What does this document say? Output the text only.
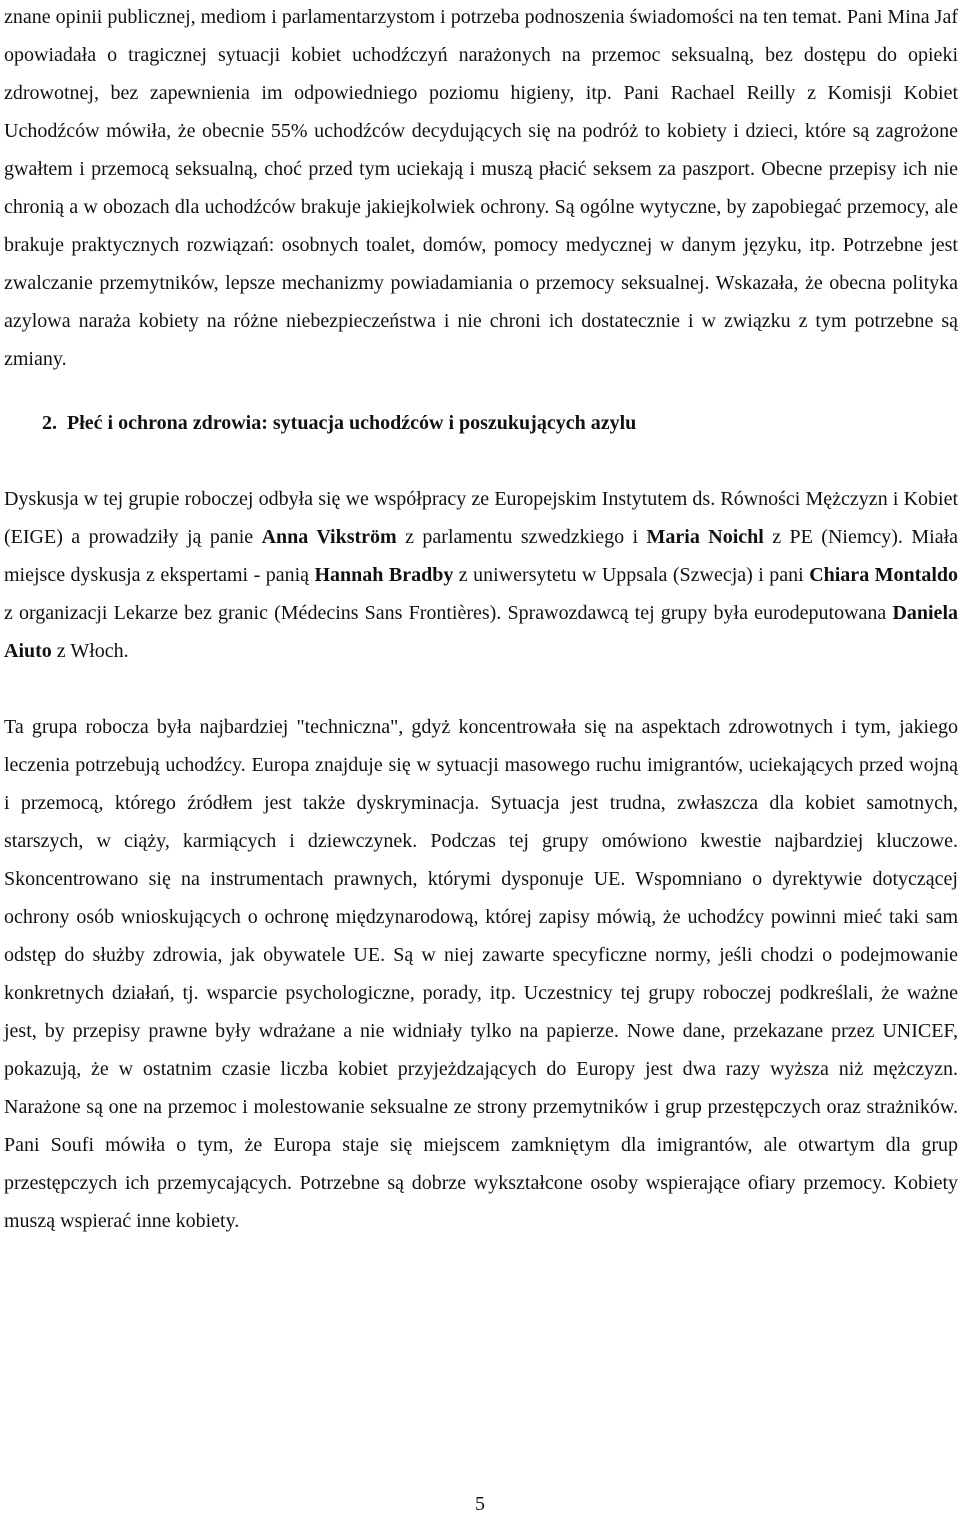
znane opinii publicznej, mediom i parlamentarzystom i potrzeba podnoszenia świadomości na ten temat. Pani Mina Jaf opowiadała o tragicznej sytuacji kobiet uchodźczyń narażonych na przemoc seksualną, bez dostępu do opieki zdrowotnej, bez zapewnienia im odpowiedniego poziomu higieny, itp. Pani Rachael Reilly z Komisji Kobiet Uchodźców mówiła, że obecnie 55% uchodźców decydujących się na podróż to kobiety i dzieci, które są zagrożone gwałtem i przemocą seksualną, choć przed tym uciekają i muszą płacić seksem za paszport. Obecne przepisy ich nie chronią a w obozach dla uchodźców brakuje jakiejkolwiek ochrony. Są ogólne wytyczne, by zapobiegać przemocy, ale brakuje praktycznych rozwiązań: osobnych toalet, domów, pomocy medycznej w danym języku, itp. Potrzebne jest zwalczanie przemytników, lepsze mechanizmy powiadamiania o przemocy seksualnej. Wskazała, że obecna polityka azylowa naraża kobiety na różne niebezpieczeństwa i nie chroni ich dostatecznie i w związku z tym potrzebne są zmiany.

2. Płeć i ochrona zdrowia: sytuacja uchodźców i poszukujących azylu

Dyskusja w tej grupie roboczej odbyła się we współpracy ze Europejskim Instytutem ds. Równości Mężczyzn i Kobiet (EIGE) a prowadziły ją panie Anna Vikström z parlamentu szwedzkiego i Maria Noichl z PE (Niemcy). Miała miejsce dyskusja z ekspertami - panią Hannah Bradby z uniwersytetu w Uppsala (Szwecja) i pani Chiara Montaldo z organizacji Lekarze bez granic (Médecins Sans Frontières). Sprawozdawcą tej grupy była eurodeputowana Daniela Aiuto z Włoch.

Ta grupa robocza była najbardziej "techniczna", gdyż koncentrowała się na aspektach zdrowotnych i tym, jakiego leczenia potrzebują uchodźcy. Europa znajduje się w sytuacji masowego ruchu imigrantów, uciekających przed wojną i przemocą, którego źródłem jest także dyskryminacja. Sytuacja jest trudna, zwłaszcza dla kobiet samotnych, starszych, w ciąży, karmiących i dziewczynek. Podczas tej grupy omówiono kwestie najbardziej kluczowe. Skoncentrowano się na instrumentach prawnych, którymi dysponuje UE. Wspomniano o dyrektywie dotyczącej ochrony osób wnioskujących o ochronę międzynarodową, której zapisy mówią, że uchodźcy powinni mieć taki sam odstęp do służby zdrowia, jak obywatele UE. Są w niej zawarte specyficzne normy, jeśli chodzi o podejmowanie konkretnych działań, tj. wsparcie psychologiczne, porady, itp. Uczestnicy tej grupy roboczej podkreślali, że ważne jest, by przepisy prawne były wdrażane a nie widniały tylko na papierze. Nowe dane, przekazane przez UNICEF, pokazują, że w ostatnim czasie liczba kobiet przyjeżdzających do Europy jest dwa razy wyższa niż mężczyzn. Narażone są one na przemoc i molestowanie seksualne ze strony przemytników i grup przestępczych oraz strażników. Pani Soufi mówiła o tym, że Europa staje się miejscem zamkniętym dla imigrantów, ale otwartym dla grup przestępczych ich przemycających. Potrzebne są dobrze wykształcone osoby wspierające ofiary przemocy. Kobiety muszą wspierać inne kobiety.

5
